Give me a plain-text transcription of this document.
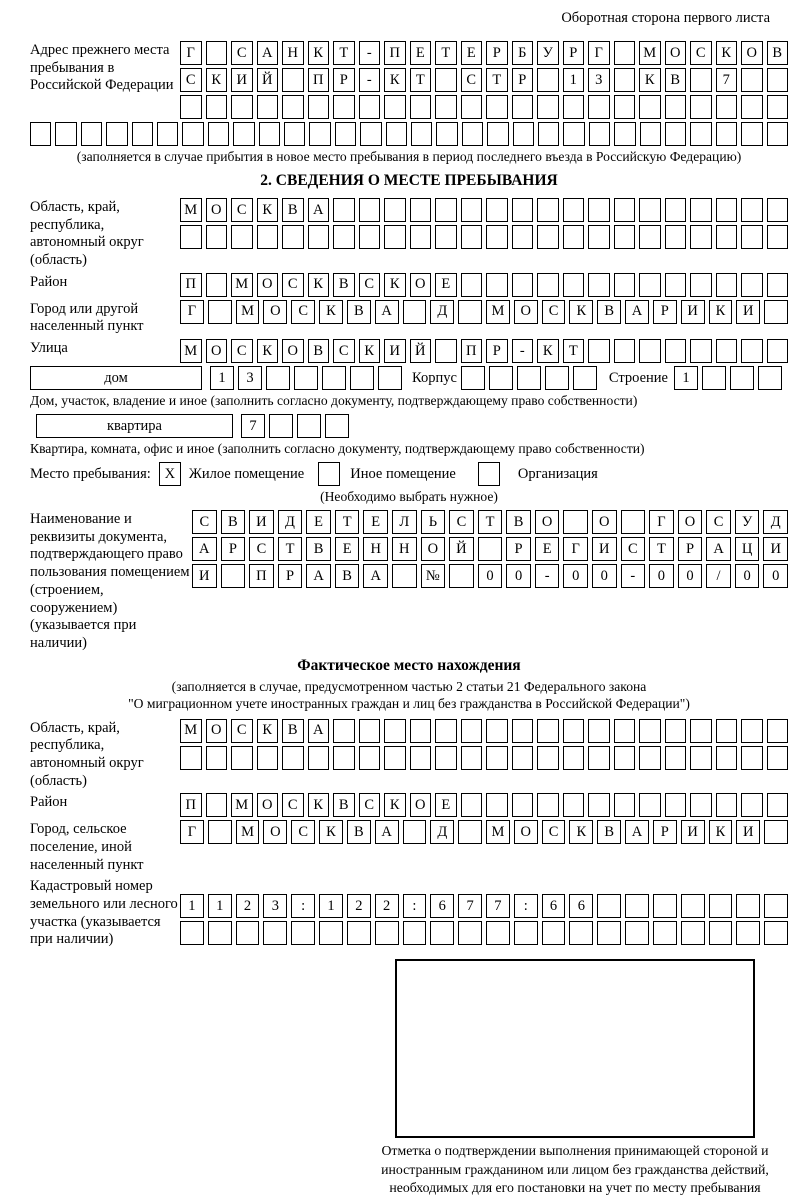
Оборотная сторона первого листа
Адрес прежнего места пребывания в Российской Федерации
Г	С	А	Н	К	Т	-	П	Е	Т	Е	Р	Б	У	Р	Г	М О	С	К	О	В
С	К	И	Й	П	Р	-	К	Т	С	Т	Р	1	3	К	В	7
(заполняется в случае прибытия в новое место пребывания в период последнего въезда в Российскую Федерацию)
2. СВЕДЕНИЯ О МЕСТЕ ПРЕБЫВАНИЯ
Область, край, республика, автономный округ (область)
М О	С	К	В	А
Район	П	М О	С	К	В	С	К	О	Е
Город или другой населенный пункт
Г	М	О	С	К	В	А	Д	М	О	С	К	В	А	Р	И	К	И
Улица	М О	С	К	О	В	С	К	И	Й	П	Р	-	К	Т
дом	1	3	Корпус	Строение 1
Дом, участок, владение и иное (заполнить согласно документу, подтверждающему право собственности)
квартира	7
Квартира, комната, офис и иное (заполнить согласно документу, подтверждающему право собственности)
Место пребывания: X Жилое помещение	Иное помещение	Организация
(Необходимо выбрать нужное)
Наименование и реквизиты документа, подтверждающего право пользования помещением (строением, сооружением) (указывается при наличии)
С	В	И	Д	Е	Т	Е	Л	Ь	С	Т	В	О	О	Г	О	С	У	Д
А	Р	С	Т	В	Е	Н	Н	О	Й	Р	Е	Г	И	С	Т	Р	А	Ц	И
И	П	Р	А	В	А	№	0	0	-	0	0	-	0	0	/	0	0
Фактическое место нахождения
(заполняется в случае, предусмотренном частью 2 статьи 21 Федерального закона
"О миграционном учете иностранных граждан и лиц без гражданства в Российской Федерации")
Область, край, республика, автономный округ (область)
М О	С	К	В	А
Район	П	М О	С	К	В	С	К	О	Е
Город, сельское поселение, иной населенный пункт
Г	М	О	С	К	В	А	Д	М	О	С	К	В	А	Р	И	К	И
Кадастровый номер земельного или лесного участка (указывается при наличии)
1	1	2	3	:	1	2	2	:	6	7	7	:	6	6
Отметка о подтверждении выполнения принимающей стороной и иностранным гражданином или лицом без гражданства действий, необходимых для его постановки на учет по месту пребывания
